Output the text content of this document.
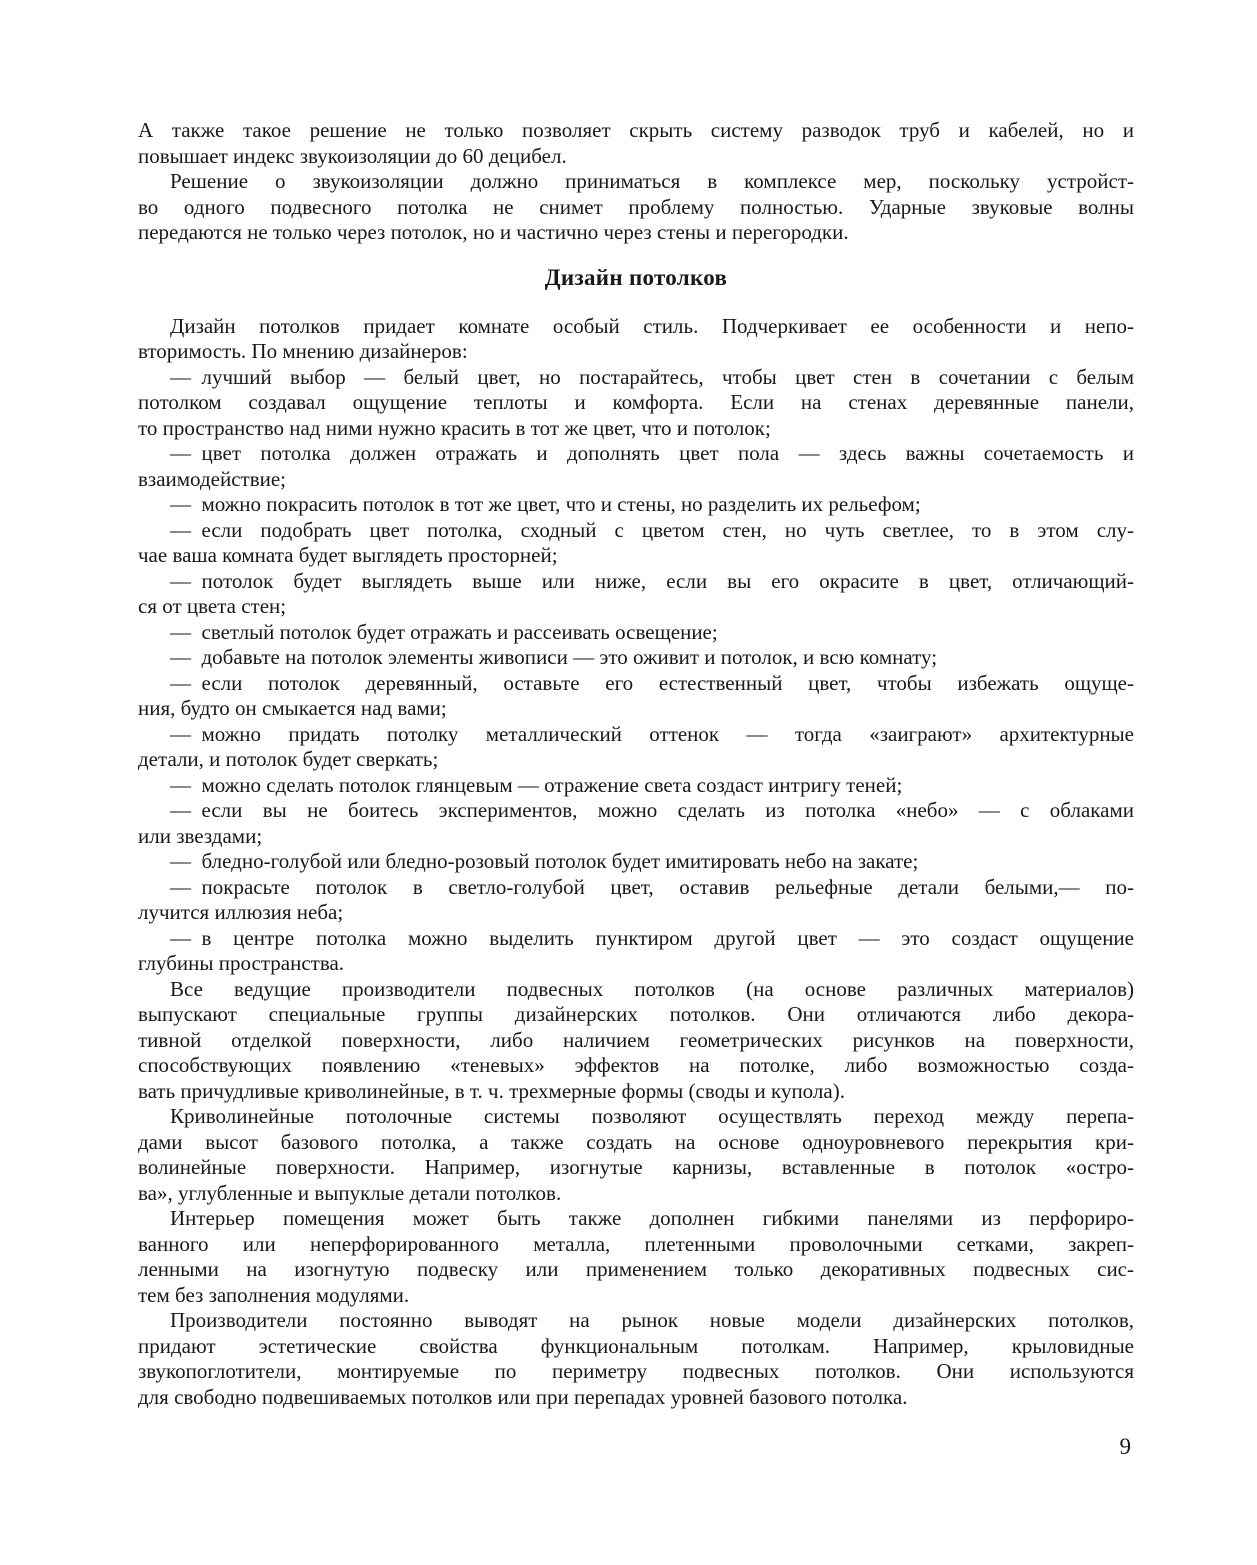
А также такое решение не только позволяет скрыть систему разводок труб и кабелей, но и
повышает индекс звукоизоляции до 60 децибел.
Решение о звукоизоляции должно приниматься в комплексе мер, поскольку устройст-
во одного подвесного потолка не снимет проблему полностью. Ударные звуковые волны
передаются не только через потолок, но и частично через стены и перегородки.
Дизайн потолков
Дизайн потолков придает комнате особый стиль. Подчеркивает ее особенности и непо-
вторимость. По мнению дизайнеров:
— лучший выбор — белый цвет, но постарайтесь, чтобы цвет стен в сочетании с белым
потолком создавал ощущение теплоты и комфорта. Если на стенах деревянные панели,
то пространство над ними нужно красить в тот же цвет, что и потолок;
— цвет потолка должен отражать и дополнять цвет пола — здесь важны сочетаемость и
взаимодействие;
— можно покрасить потолок в тот же цвет, что и стены, но разделить их рельефом;
— если подобрать цвет потолка, сходный с цветом стен, но чуть светлее, то в этом слу-
чае ваша комната будет выглядеть просторней;
— потолок будет выглядеть выше или ниже, если вы его окрасите в цвет, отличающий-
ся от цвета стен;
— светлый потолок будет отражать и рассеивать освещение;
— добавьте на потолок элементы живописи — это оживит и потолок, и всю комнату;
— если потолок деревянный, оставьте его естественный цвет, чтобы избежать ощуще-
ния, будто он смыкается над вами;
— можно придать потолку металлический оттенок — тогда «заиграют» архитектурные
детали, и потолок будет сверкать;
— можно сделать потолок глянцевым — отражение света создаст интригу теней;
— если вы не боитесь экспериментов, можно сделать из потолка «небо» — с облаками
или звездами;
— бледно-голубой или бледно-розовый потолок будет имитировать небо на закате;
— покрасьте потолок в светло-голубой цвет, оставив рельефные детали белыми,— по-
лучится иллюзия неба;
— в центре потолка можно выделить пунктиром другой цвет — это создаст ощущение
глубины пространства.
Все ведущие производители подвесных потолков (на основе различных материалов)
выпускают специальные группы дизайнерских потолков. Они отличаются либо декора-
тивной отделкой поверхности, либо наличием геометрических рисунков на поверхности,
способствующих появлению «теневых» эффектов на потолке, либо возможностью созда-
вать причудливые криволинейные, в т. ч. трехмерные формы (своды и купола).
Криволинейные потолочные системы позволяют осуществлять переход между перепа-
дами высот базового потолка, а также создать на основе одноуровневого перекрытия кри-
волинейные поверхности. Например, изогнутые карнизы, вставленные в потолок «остро-
ва», углубленные и выпуклые детали потолков.
Интерьер помещения может быть также дополнен гибкими панелями из перфориро-
ванного или неперфорированного металла, плетенными проволочными сетками, закреп-
ленными на изогнутую подвеску или применением только декоративных подвесных сис-
тем без заполнения модулями.
Производители постоянно выводят на рынок новые модели дизайнерских потолков,
придают эстетические свойства функциональным потолкам. Например, крыловидные
звукопоглотители, монтируемые по периметру подвесных потолков. Они используются
для свободно подвешиваемых потолков или при перепадах уровней базового потолка.
9
